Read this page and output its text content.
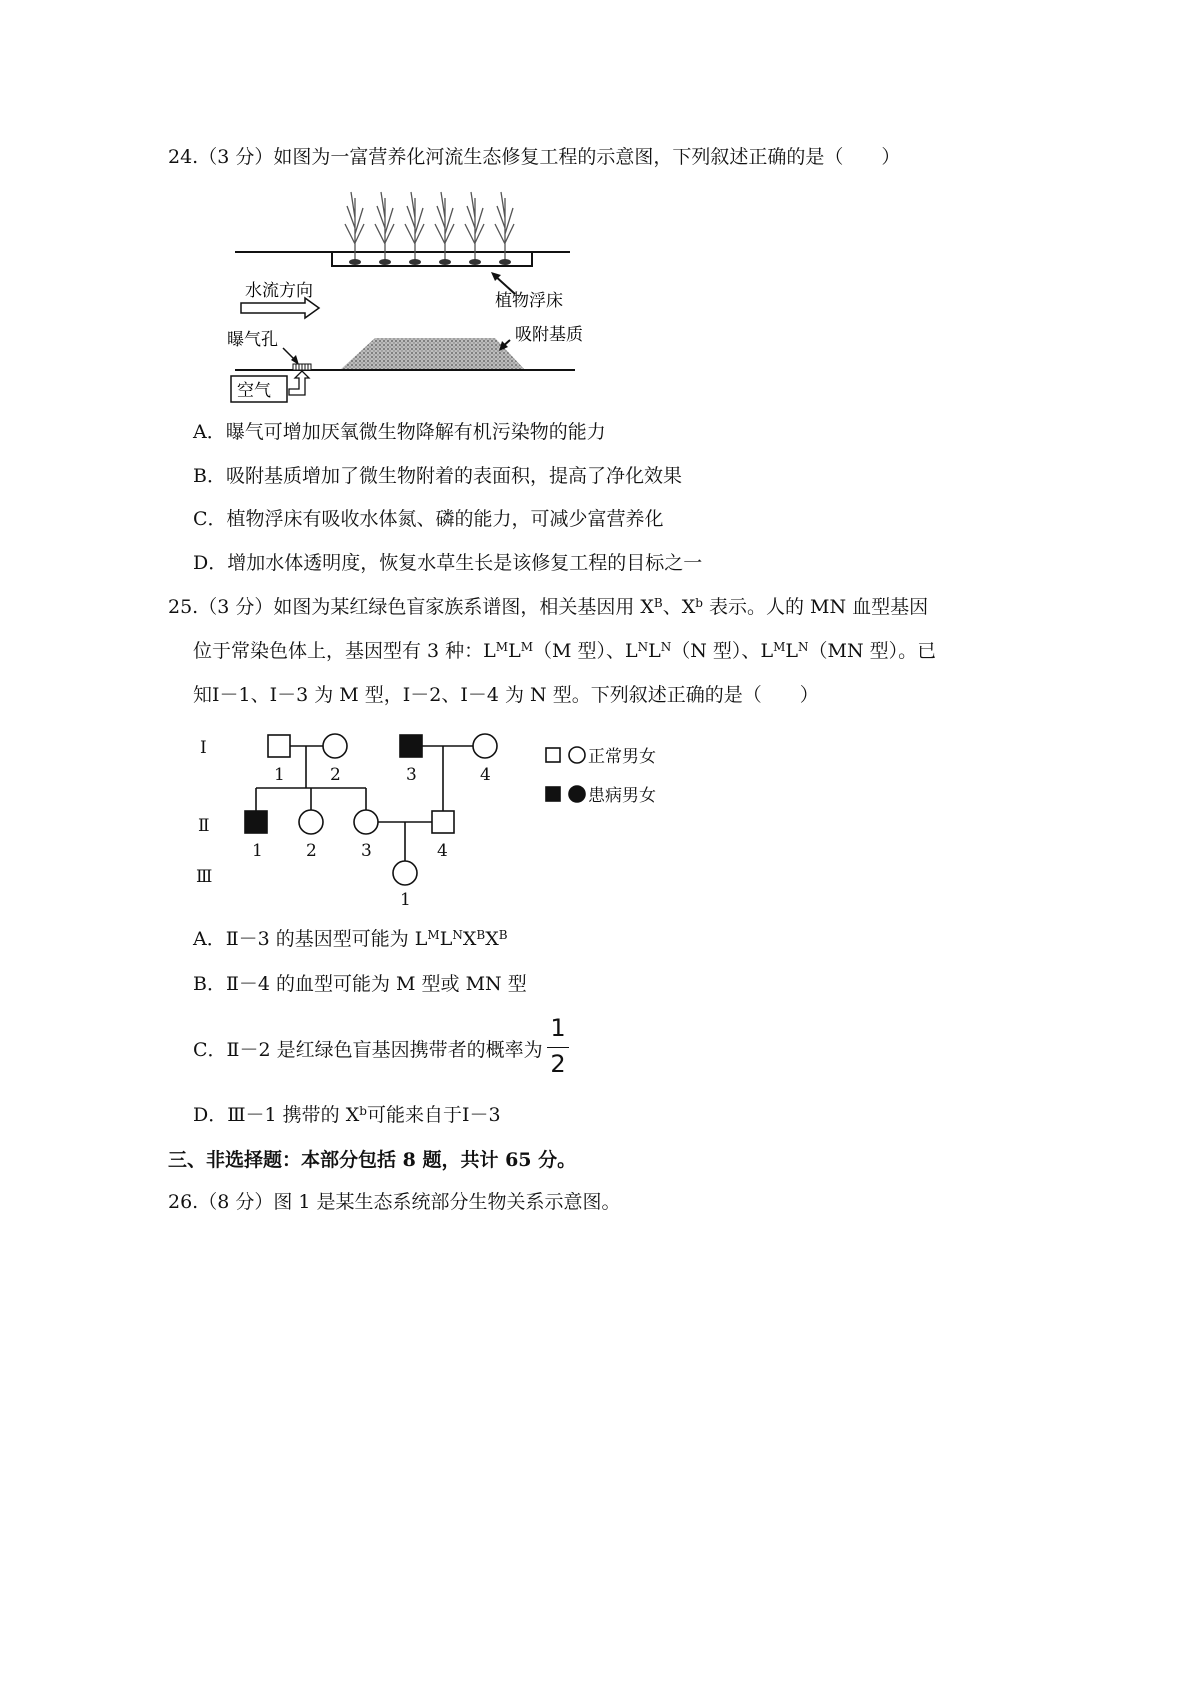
24.（3 分）如图为一富营养化河流生态修复工程的示意图，下列叙述正确的是（　　）
水流方向	植物浮床
吸附基质
曝气孔
空气
A．曝气可增加厌氧微生物降解有机污染物的能力
B．吸附基质增加了微生物附着的表面积，提高了净化效果
C．植物浮床有吸收水体氮、磷的能力，可减少富营养化
D．增加水体透明度，恢复水草生长是该修复工程的目标之一
25.（3 分）如图为某红绿色盲家族系谱图，相关基因用 $X^B$、$X^b$ 表示。人的 MN 血型基因
位于常染色体上，基因型有 3 种：$L^ML^M(M$ 型）、$L^NL^N(N$ 型）、$L^ML^N(MN$ 型）。已
知Ⅰ－1、Ⅰ－3 为 M 型，Ⅰ－2、Ⅰ－4 为 N 型。下列叙述正确的是（　　）
Ⅰ
1	2	3	4
Ⅱ
1	2	3	4
Ⅲ
1
正常男女
患病男女
A．Ⅱ－3 的基因型可能为 $L^ML^NX^BX^B$
B．Ⅱ－4 的血型可能为 M 型或 MN 型
C．Ⅱ－2 是红绿色盲基因携带者的概率为
1
2
D．Ⅲ－1 携带的 $X^b$可能来自于Ⅰ－3
三、非选择题：本部分包括 8 题，共计 65 分。
26.（8 分）图 1 是某生态系统部分生物关系示意图。
